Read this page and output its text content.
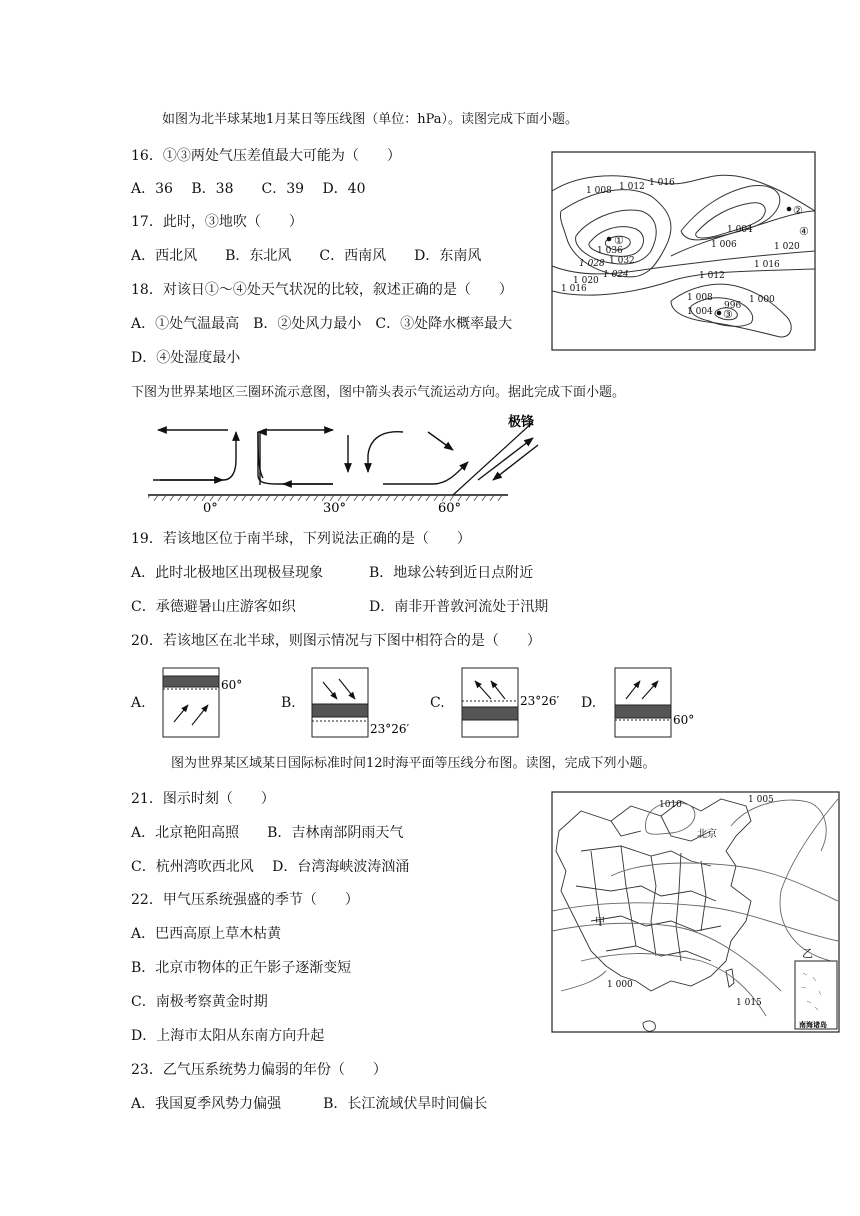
如图为北半球某地1月某日等压线图（单位：hPa）。读图完成下面小题。
16．①③两处气压差值最大可能为（　　）
A．36　 B．38　　C．39　 D．40
17．此时，③地吹（　　）
A．西北风　　B．东北风　　C．西南风　　D．东南风
18．对该日①～④处天气状况的比较，叙述正确的是（　　）
A．①处气温最高　B．②处风力最小　C．③处降水概率最大
D．④处湿度最小
1 008 1 012 1 016
1 036
1 028 1 032
1 024
1 020
1 004
1 006
1 012
1 016
1 020
1 016
1 008
1 004
996
1 000
①
②
③
④
下图为世界某地区三圈环流示意图，图中箭头表示气流运动方向。据此完成下面小题。
极锋
0°	30°	60°
19．若该地区位于南半球，下列说法正确的是（　　）
A．此时北极地区出现极昼现象	B．地球公转到近日点附近
C．承德避暑山庄游客如织	D．南非开普敦河流处于汛期
20．若该地区在北半球，则图示情况与下图中相符合的是（　　）
A.
60°
B.
23°26′
C.	23°26′ D.
60°
图为世界某区域某日国际标准时间12时海平面等压线分布图。读图，完成下列小题。
21．图示时刻（　　）
A．北京艳阳高照　　B．吉林南部阴雨天气
C．杭州湾吹西北风　 D．台湾海峡波涛汹涌
22．甲气压系统强盛的季节（　　）
A．巴西高原上草木枯黄
B．北京市物体的正午影子逐渐变短
C．南极考察黄金时期
D．上海市太阳从东南方向升起
23．乙气压系统势力偏弱的年份（　　）
A．我国夏季风势力偏强　　　B．长江流域伏旱时间偏长
南海诸岛
1010	1 005
北京
甲
乙
1 000
1 015
